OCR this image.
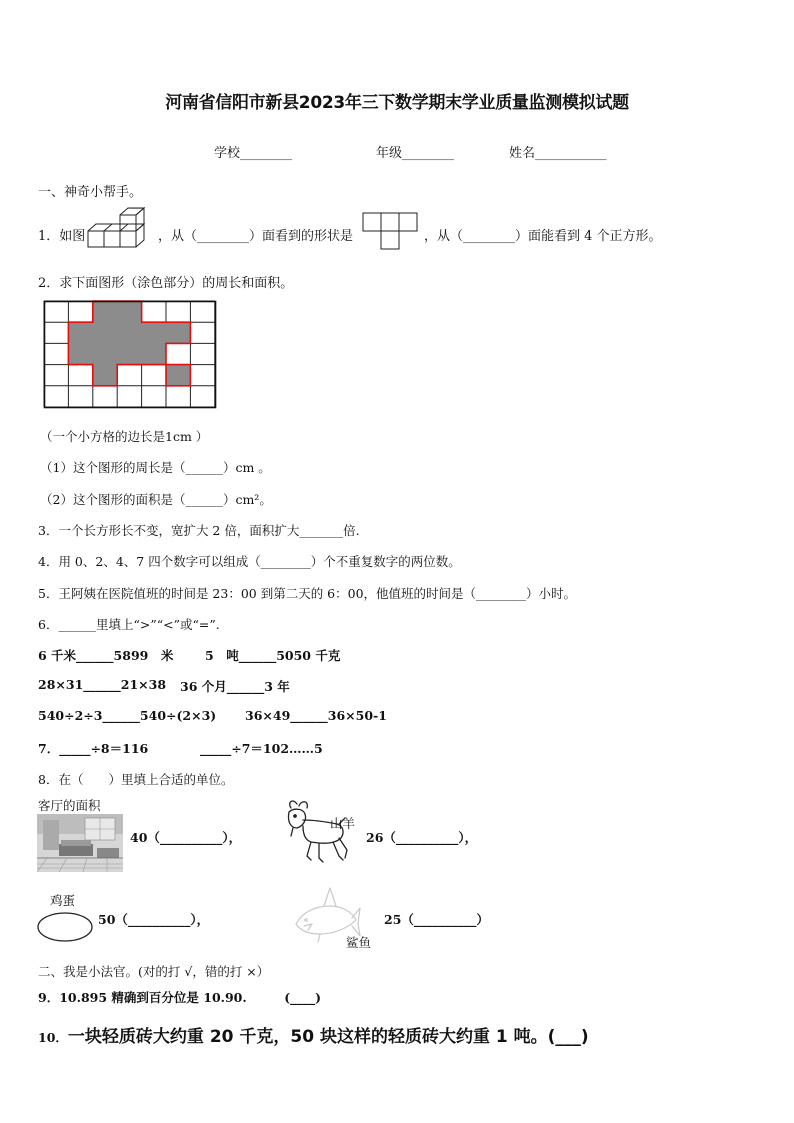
河南省信阳市新县2023年三下数学期末学业质量监测模拟试题
学校________	年级________	姓名___________
一、神奇小帮手。
1．如图	，从（________）面看到的形状是	，从（________）面能看到 4 个正方形。
2．求下面图形（涂色部分）的周长和面积。
（一个小方格的边长是1cm ）
（1）这个图形的周长是（______）cm 。
（2）这个图形的面积是（______）cm²。
3．一个长方形长不变，宽扩大 2 倍，面积扩大_______倍.
4．用 0、2、4、7 四个数字可以组成（________）个不重复数字的两位数。
5．王阿姨在医院值班的时间是 23：00 到第二天的 6：00，他值班的时间是（________）小时。
6．______里填上“>”“<”或“=”.
6 千米______5899　米	5　吨______5050 千克
28×31______21×38 36 个月______3 年
540÷2÷3______540÷(2×3) 36×49______36×50-1
7．_____÷8＝116	_____÷7＝102……5
8．在（　　）里填上合适的单位。
客厅的面积
40（__________），
山羊
26（__________），
鸡蛋
50（__________），
鲨鱼
25（__________）
二、我是小法官。(对的打 √，错的打 ×）
9．10.895 精确到百分位是 10.90.　　　(____)
10．一块轻质砖大约重 20 千克，50 块这样的轻质砖大约重 1 吨。(___)
